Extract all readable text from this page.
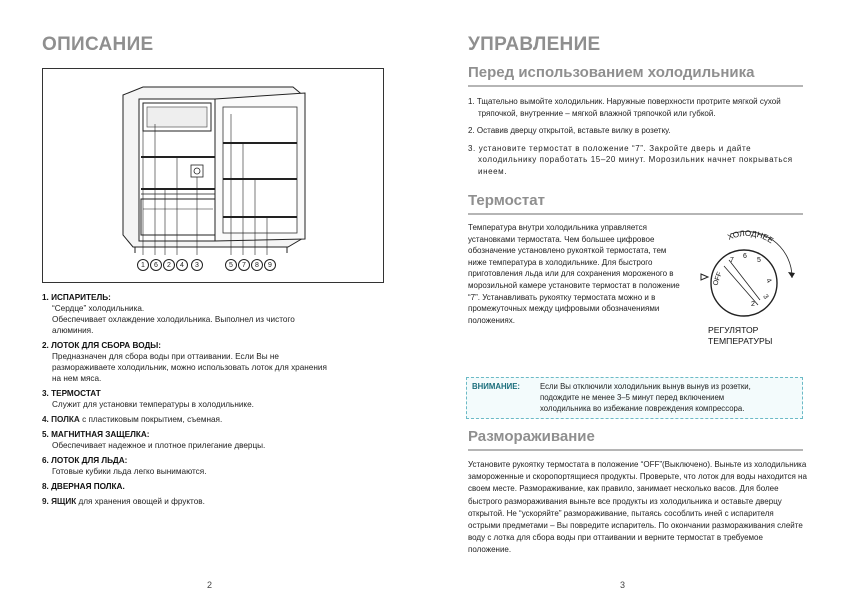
ОПИСАНИЕ
1	6	2	4	3	5	7	8	9
1. ИСПАРИТЕЛЬ:
“Сердце” холодильника.
Обеспечивает охлаждение холодильника. Выполнел из чистого
алюминия.
2. ЛОТОК ДЛЯ СБОРА ВОДЫ:
Предназначен для сбора воды при оттаивании. Если Вы не
размораживаете холодильник, можно использовать лоток для хранения
на нем мяса.
3. ТЕРМОСТАТ
Служит для установки температуры в холодильнике.
4. ПОЛКА с пластиковым покрытием, съемная.
5. МАГНИТНАЯ ЗАЩЕЛКА:
Обеспечивает надежное и плотное прилегание дверцы.
6. ЛОТОК ДЛЯ ЛЬДА:
Готовые кубики льда легко вынимаются.
8. ДВЕРНАЯ ПОЛКА.
9. ЯЩИК для хранения овощей и фруктов.
2
УПРАВЛЕНИЕ
Перед использованием холодильника
1. Тщательно вымойте холодильник. Наружные поверхности протрите мягкой сухой тряпочкой, внутренние – мягкой влажной тряпочкой или губкой.
2. Оставив дверцу открытой, вставьте вилку в розетку.
3. установите термостат в положение “7”. Закройте дверь и дайте холодильнику поработать 15–20 минут. Морозильник начнет покрываться инеем.
Термостат
Температура внутри холодильника управляется установками термостата. Чем большее цифровое обозначение установлено рукояткой термостата, тем ниже температура в холодильнике. Для быстрого приготовления льда или для сохранения мороженого в морозильной камере установите термостат в положение “7”. Устанавливать рукоятку термостата можно и в промежуточных между цифровыми обозначениями положениях.
ХОЛОДНЕЕ
OFF
7
6
5
4
3
2
РЕГУЛЯТОР
ТЕМПЕРАТУРЫ
ВНИМАНИЕ:	Если Вы отключили холодильник вынув вынув из розетки,
подождите не менее 3–5 минут перед включением
холодильника во избежание повреждения компрессора.
Размораживание
Установите рукоятку термостата в положение “OFF”(Выключено). Выньте из холодильника замороженные и скоропортящиеся продукты. Проверьте, что лоток для воды находится на своем месте. Размораживание, как правило, занимает несколько васов. Для более быстрого размораживания выньте все продукты из холодильника и оставьте дверцу открытой. Не “ускоряйте” размораживание, пытаясь сособлить иней с испарителя острыми предметами – Вы повредите испаритель. По окончании размораживания слейте воду с лотка для сбора воды при оттаивании и верните термостат в требуемое положение.
3
